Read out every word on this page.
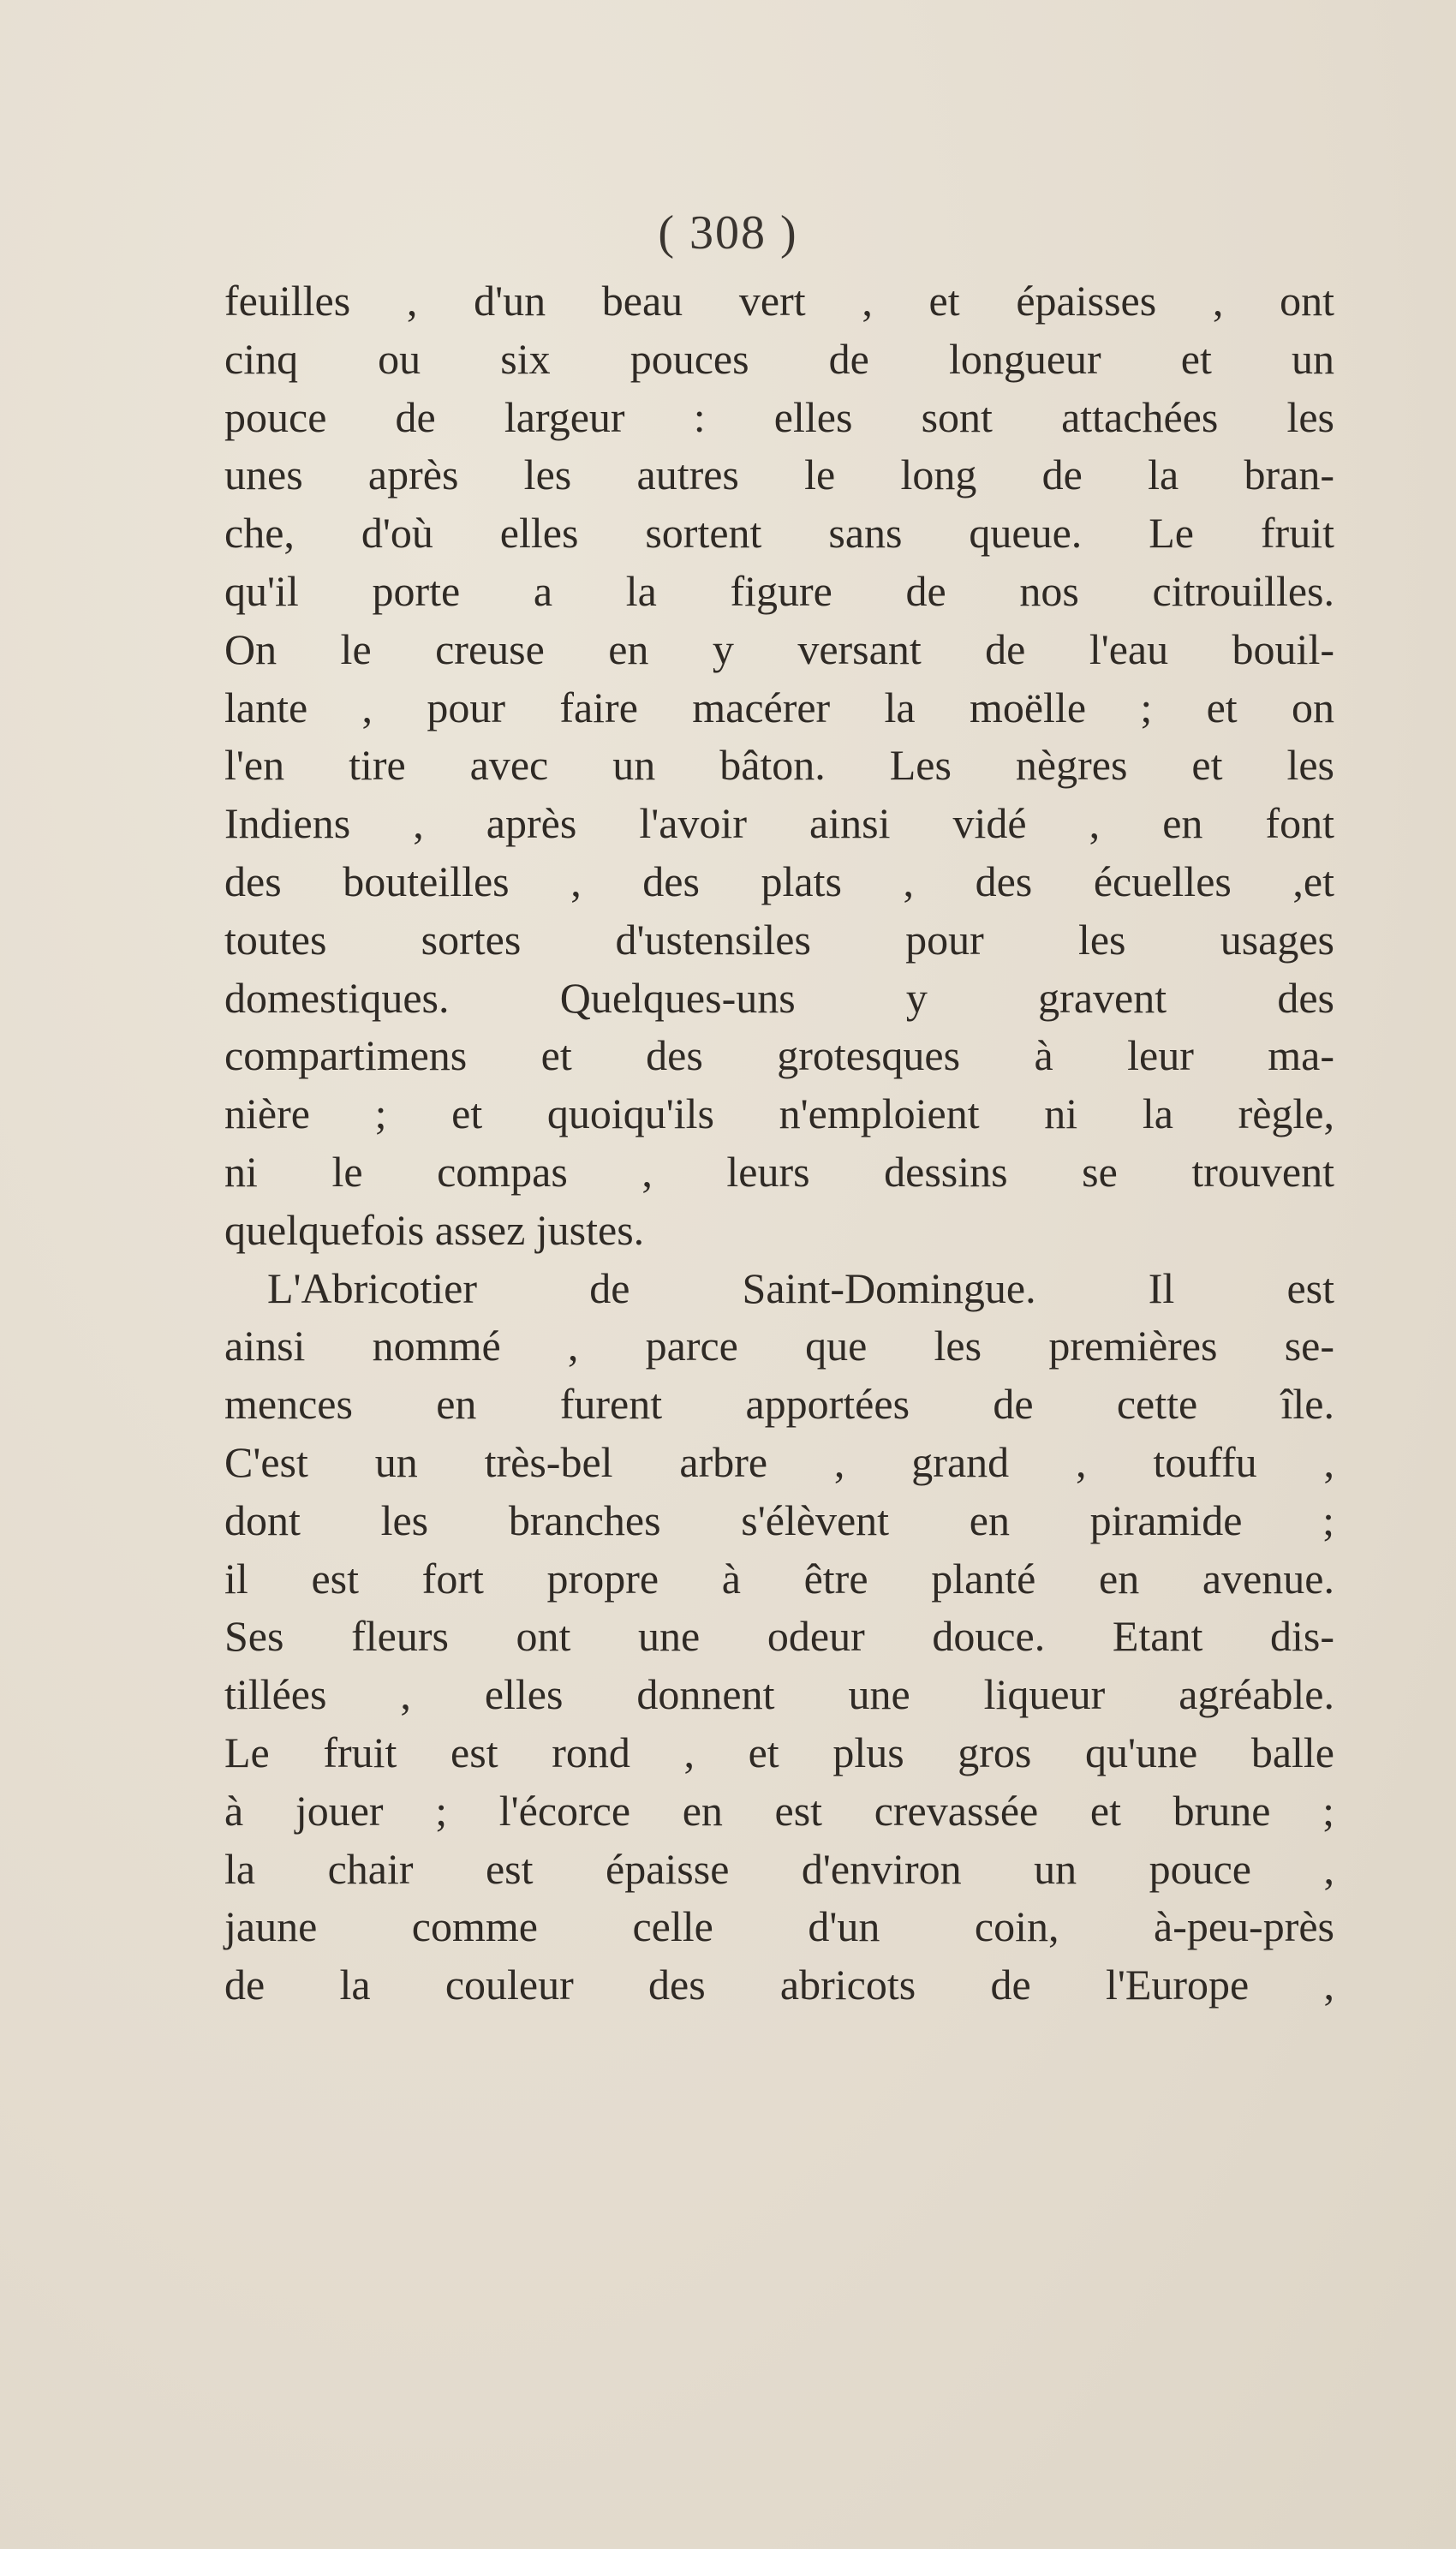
( 308 )
feuilles , d'un beau vert , et épaisses , ont
cinq ou six pouces de longueur et un
pouce de largeur : elles sont attachées les
unes après les autres le long de la bran-
che, d'où elles sortent sans queue. Le fruit
qu'il porte a la figure de nos citrouilles.
On le creuse en y versant de l'eau bouil-
lante , pour faire macérer la moëlle ; et on
l'en tire avec un bâton. Les nègres et les
Indiens , après l'avoir ainsi vidé , en font
des bouteilles , des plats , des écuelles ,et
toutes sortes d'ustensiles pour les usages
domestiques. Quelques-uns y gravent des
compartimens et des grotesques à leur ma-
nière ; et quoiqu'ils n'emploient ni la règle,
ni le compas , leurs dessins se trouvent
quelquefois assez justes.
L'Abricotier de Saint-Domingue. Il est
ainsi nommé , parce que les premières se-
mences en furent apportées de cette île.
C'est un très-bel arbre , grand , touffu ,
dont les branches s'élèvent en piramide ;
il est fort propre à être planté en avenue.
Ses fleurs ont une odeur douce. Etant dis-
tillées , elles donnent une liqueur agréable.
Le fruit est rond , et plus gros qu'une balle
à jouer ; l'écorce en est crevassée et brune ;
la chair est épaisse d'environ un pouce ,
jaune comme celle d'un coin, à-peu-près
de la couleur des abricots de l'Europe ,
